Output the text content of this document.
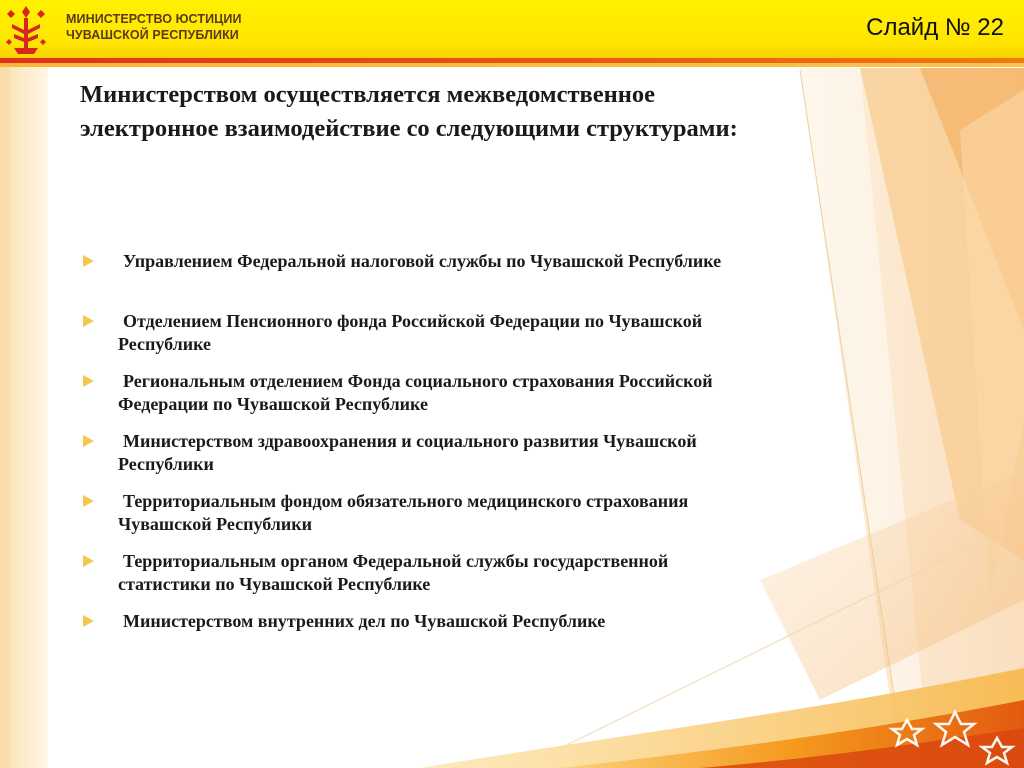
МИНИСТЕРСТВО ЮСТИЦИИ
ЧУВАШСКОЙ РЕСПУБЛИКИ	Слайд № 22
Министерством осуществляется межведомственное электронное взаимодействие со следующими структурами:
Управлением Федеральной налоговой службы по Чувашской Республике
Отделением Пенсионного фонда Российской Федерации по Чувашской Республике
Региональным отделением Фонда социального страхования Российской Федерации по Чувашской Республике
Министерством здравоохранения и социального развития Чувашской Республики
Территориальным фондом обязательного медицинского страхования Чувашской Республики
Территориальным органом Федеральной службы государственной статистики по Чувашской Республике
Министерством внутренних дел по Чувашской Республике
